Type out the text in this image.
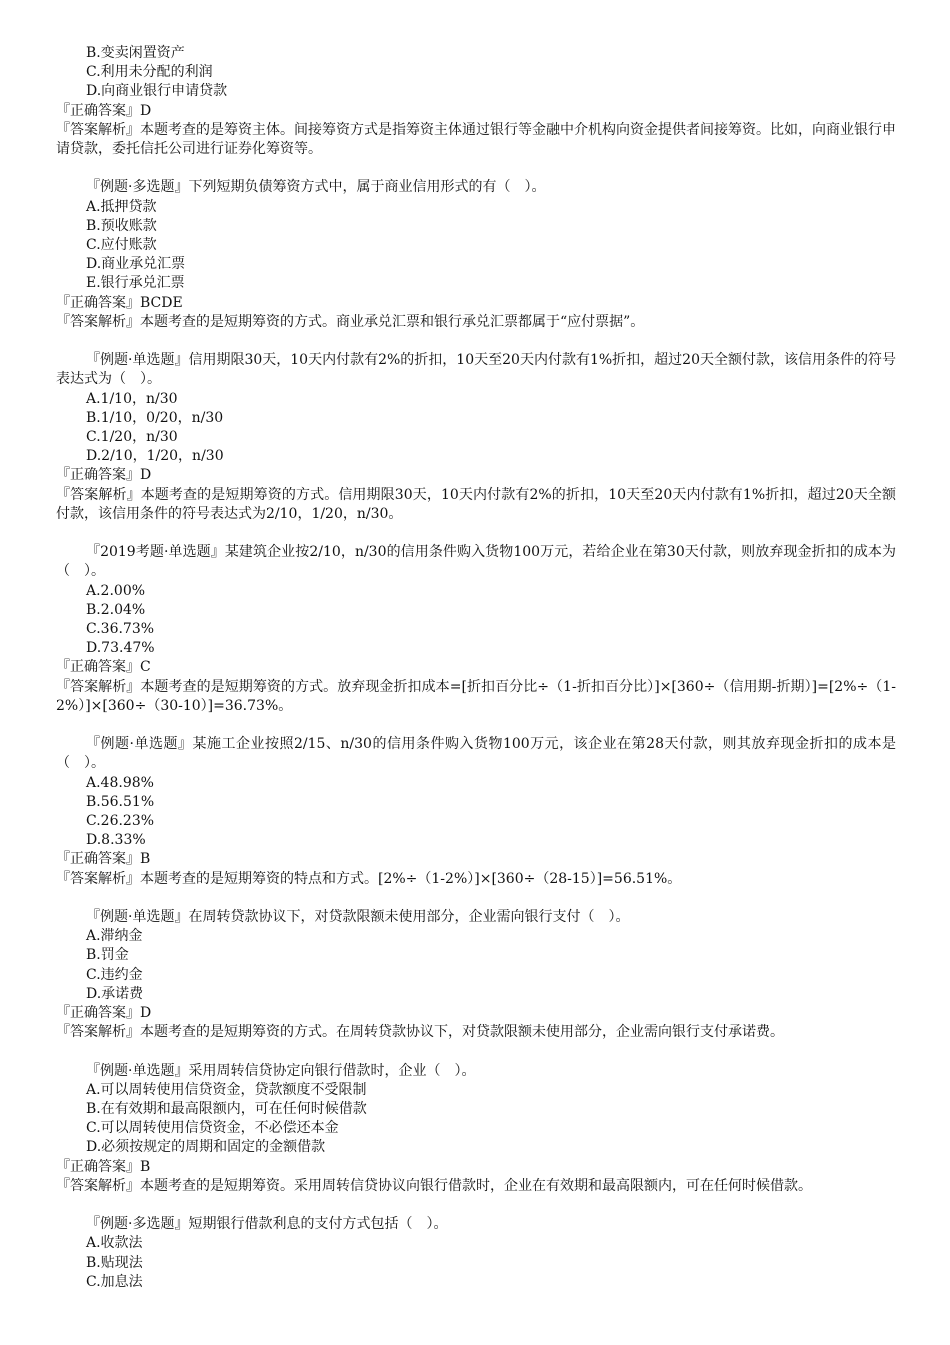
B.变卖闲置资产
C.利用未分配的利润
D.向商业银行申请贷款
『正确答案』D
『答案解析』本题考查的是筹资主体。间接筹资方式是指筹资主体通过银行等金融中介机构向资金提供者间接筹资。比如，向商业银行申请贷款，委托信托公司进行证券化筹资等。
『例题·多选题』下列短期负债筹资方式中，属于商业信用形式的有（　）。
A.抵押贷款
B.预收账款
C.应付账款
D.商业承兑汇票
E.银行承兑汇票
『正确答案』BCDE
『答案解析』本题考查的是短期筹资的方式。商业承兑汇票和银行承兑汇票都属于“应付票据”。
『例题·单选题』信用期限30天，10天内付款有2%的折扣，10天至20天内付款有1%折扣，超过20天全额付款，该信用条件的符号表达式为（　）。
A.1/10，n/30
B.1/10，0/20，n/30
C.1/20，n/30
D.2/10，1/20，n/30
『正确答案』D
『答案解析』本题考查的是短期筹资的方式。信用期限30天，10天内付款有2%的折扣，10天至20天内付款有1%折扣，超过20天全额付款，该信用条件的符号表达式为2/10，1/20，n/30。
『2019考题·单选题』某建筑企业按2/10，n/30的信用条件购入货物100万元，若给企业在第30天付款，则放弃现金折扣的成本为（　）。
A.2.00%
B.2.04%
C.36.73%
D.73.47%
『正确答案』C
『答案解析』本题考查的是短期筹资的方式。放弃现金折扣成本=[折扣百分比÷（1-折扣百分比）]×[360÷（信用期-折期）]=[2%÷（1-2%）]×[360÷（30-10）]=36.73%。
『例题·单选题』某施工企业按照2/15、n/30的信用条件购入货物100万元，该企业在第28天付款，则其放弃现金折扣的成本是（　）。
A.48.98%
B.56.51%
C.26.23%
D.8.33%
『正确答案』B
『答案解析』本题考查的是短期筹资的特点和方式。[2%÷（1-2%）]×[360÷（28-15）]=56.51%。
『例题·单选题』在周转贷款协议下，对贷款限额未使用部分，企业需向银行支付（　）。
A.滞纳金
B.罚金
C.违约金
D.承诺费
『正确答案』D
『答案解析』本题考查的是短期筹资的方式。在周转贷款协议下，对贷款限额未使用部分，企业需向银行支付承诺费。
『例题·单选题』采用周转信贷协定向银行借款时，企业（　）。
A.可以周转使用信贷资金，贷款额度不受限制
B.在有效期和最高限额内，可在任何时候借款
C.可以周转使用信贷资金，不必偿还本金
D.必须按规定的周期和固定的金额借款
『正确答案』B
『答案解析』本题考查的是短期筹资。采用周转信贷协议向银行借款时，企业在有效期和最高限额内，可在任何时候借款。
『例题·多选题』短期银行借款利息的支付方式包括（　）。
A.收款法
B.贴现法
C.加息法
